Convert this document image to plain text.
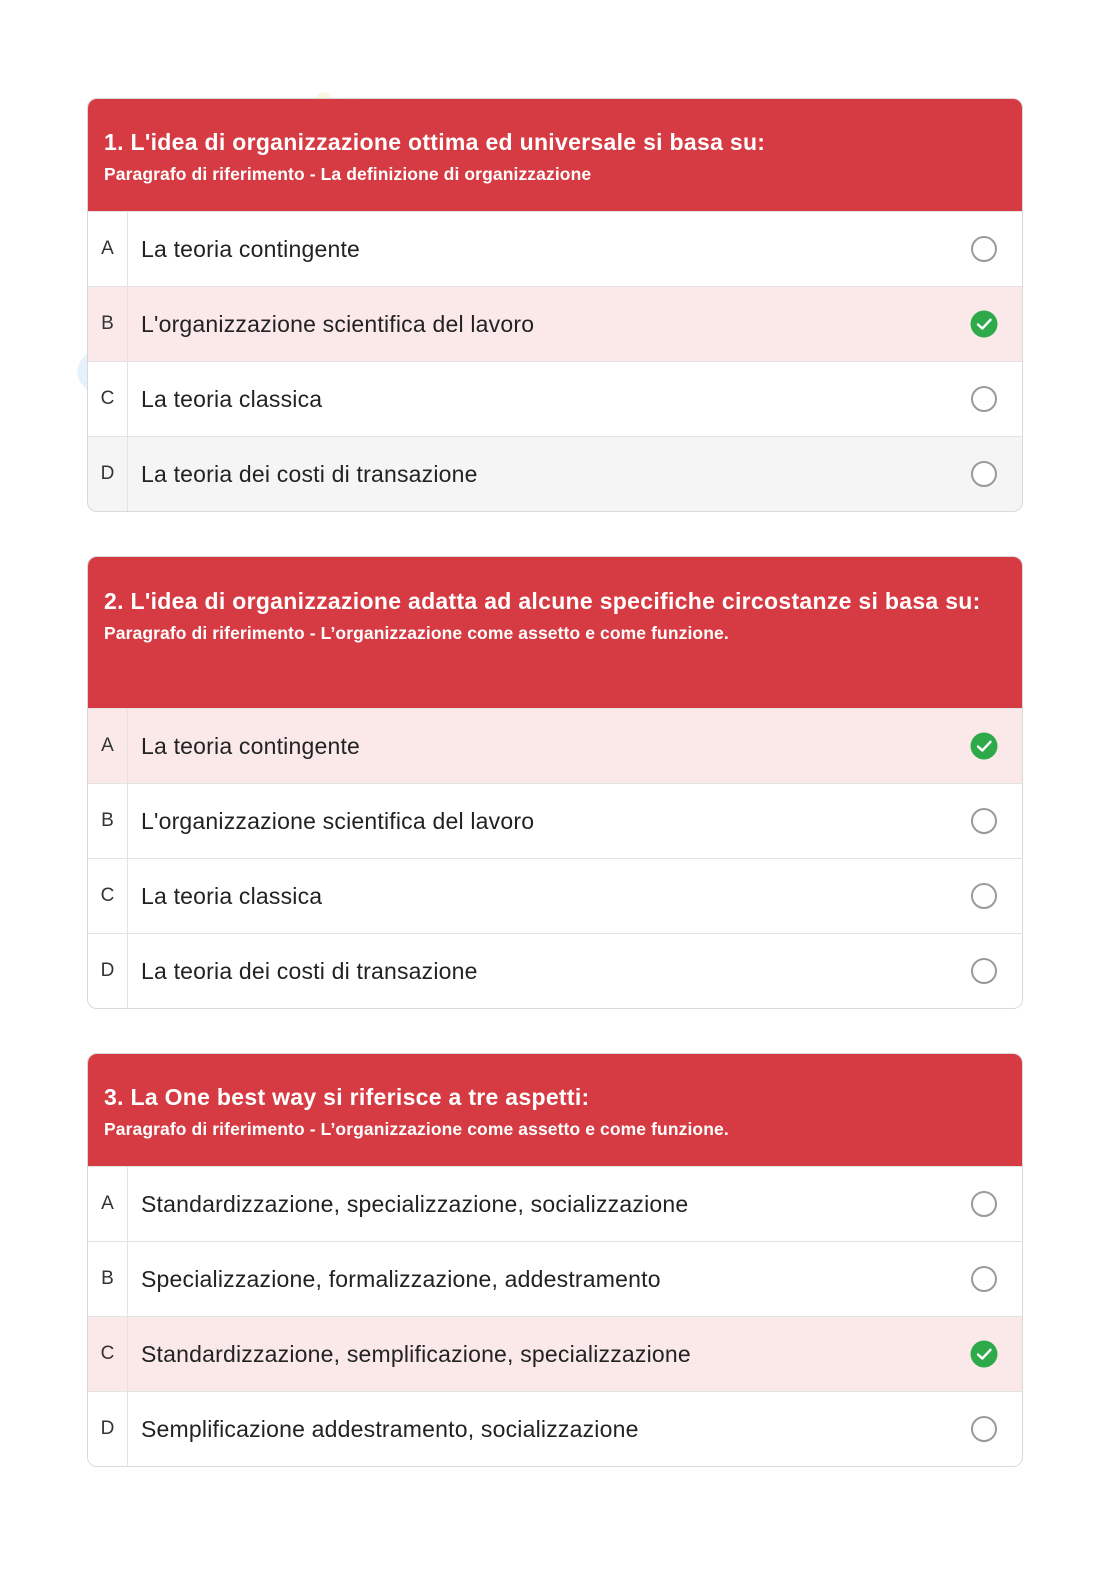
1. L'idea di organizzazione ottima ed universale si basa su:
Paragrafo di riferimento - La definizione di organizzazione
A	La teoria contingente
B	L'organizzazione scientifica del lavoro
C	La teoria classica
D	La teoria dei costi di transazione
2. L'idea di organizzazione adatta ad alcune specifiche circostanze si basa su:
Paragrafo di riferimento - L’organizzazione come assetto e come funzione.
A	La teoria contingente
B	L'organizzazione scientifica del lavoro
C	La teoria classica
D	La teoria dei costi di transazione
3. La One best way si riferisce a tre aspetti:
Paragrafo di riferimento - L’organizzazione come assetto e come funzione.
A	Standardizzazione, specializzazione, socializzazione
B	Specializzazione, formalizzazione, addestramento
C	Standardizzazione, semplificazione, specializzazione
D	Semplificazione addestramento, socializzazione
